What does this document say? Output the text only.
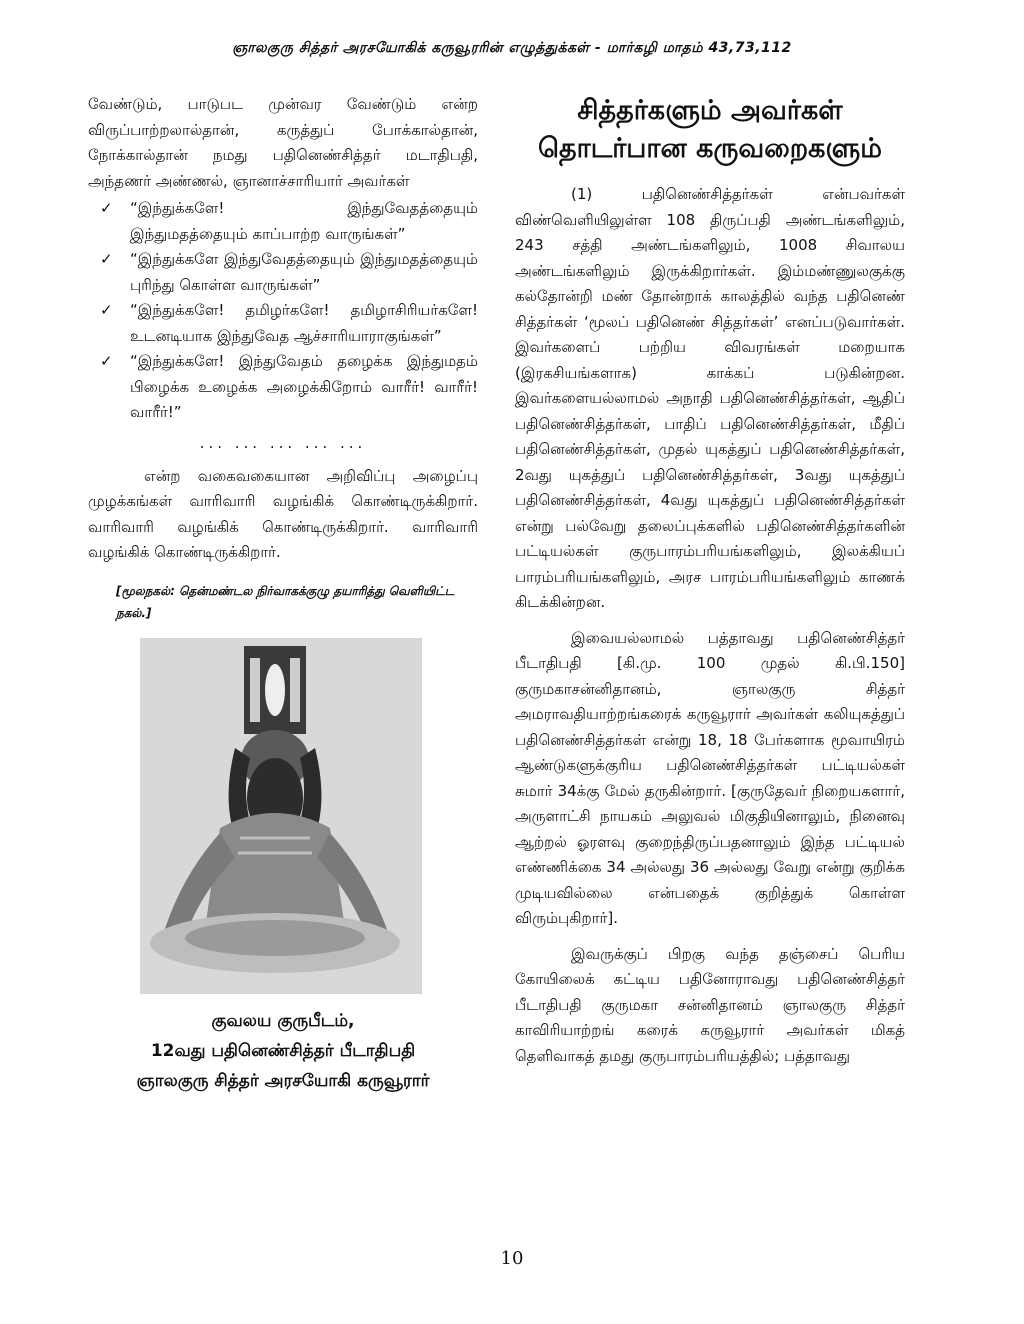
ஞாலகுரு சித்தர் அரசயோகிக் கருவூரரின் எழுத்துக்கள் - மார்கழி மாதம் 43,73,112

வேண்டும், பாடுபட முன்வர வேண்டும் என்ற விருப்பாற்றலால்தான், கருத்துப் போக்கால்தான், நோக்கால்தான் நமது பதினெண்சித்தர் மடாதிபதி, அந்தணர் அண்ணல், ஞானாச்சாரியார் அவர்கள்

✓	“இந்துக்களே! இந்துவேதத்தையும் இந்துமதத்தையும் காப்பாற்ற வாருங்கள்”
✓	“இந்துக்களே இந்துவேதத்தையும் இந்துமதத்தையும் புரிந்து கொள்ள வாருங்கள்”
✓	“இந்துக்களே! தமிழர்களே! தமிழாசிரியர்களே! உடனடியாக இந்துவேத ஆச்சாரியாராகுங்கள்”
✓	“இந்துக்களே! இந்துவேதம் தழைக்க இந்துமதம் பிழைக்க உழைக்க அழைக்கிறோம் வாரீர்! வாரீர்! வாரீர்!”
... ... ... ... ...

என்ற வகைவகையான அறிவிப்பு அழைப்பு முழக்கங்கள் வாரிவாரி வழங்கிக் கொண்டிருக்கிறார். வாரிவாரி வழங்கிக் கொண்டிருக்கிறார். வாரிவாரி வழங்கிக் கொண்டிருக்கிறார்.

[மூலநகல்: தென்மண்டல நிர்வாகக்குழு தயாரித்து வெளியிட்ட நகல்.]
குவலய குருபீடம்,
12வது பதினெண்சித்தர் பீடாதிபதி
ஞாலகுரு சித்தர் அரசயோகி கருவூரார்
சித்தர்களும் அவர்கள்
தொடர்பான கருவறைகளும்

(1) பதினெண்சித்தர்கள் என்பவர்கள் விண்வெளியிலுள்ள 108 திருப்பதி அண்டங்களிலும், 243 சத்தி அண்டங்களிலும், 1008 சிவாலய அண்டங்களிலும் இருக்கிறார்கள். இம்மண்ணுலகுக்கு கல்தோன்றி மண் தோன்றாக் காலத்தில் வந்த பதினெண் சித்தர்கள் ‘மூலப் பதினெண் சித்தர்கள்’ எனப்படுவார்கள். இவர்களைப் பற்றிய விவரங்கள் மறையாக (இரகசியங்களாக) காக்கப் படுகின்றன. இவர்களையல்லாமல் அநாதி பதினெண்சித்தர்கள், ஆதிப் பதினெண்சித்தர்கள், பாதிப் பதினெண்சித்தர்கள், மீதிப் பதினெண்சித்தர்கள், முதல் யுகத்துப் பதினெண்சித்தர்கள், 2வது யுகத்துப் பதினெண்சித்தர்கள், 3வது யுகத்துப் பதினெண்சித்தர்கள், 4வது யுகத்துப் பதினெண்சித்தர்கள் என்று பல்வேறு தலைப்புக்களில் பதினெண்சித்தர்களின் பட்டியல்கள் குருபாரம்பரியங்களிலும், இலக்கியப் பாரம்பரியங்களிலும், அரச பாரம்பரியங்களிலும் காணக் கிடக்கின்றன.

இவையல்லாமல் பத்தாவது பதினெண்சித்தர் பீடாதிபதி [கி.மு. 100 முதல் கி.பி.150] குருமகாசன்னிதானம், ஞாலகுரு சித்தர் அமராவதியாற்றங்கரைக் கருவூரார் அவர்கள் கலியுகத்துப் பதினெண்சித்தர்கள் என்று 18, 18 பேர்களாக மூவாயிரம் ஆண்டுகளுக்குரிய பதினெண்சித்தர்கள் பட்டியல்கள் சுமார் 34க்கு மேல் தருகின்றார். [குருதேவர் நிறையகளார், அருளாட்சி நாயகம் அலுவல் மிகுதியினாலும், நினைவு ஆற்றல் ஓரளவு குறைந்திருப்பதனாலும் இந்த பட்டியல் எண்ணிக்கை 34 அல்லது 36 அல்லது வேறு என்று குறிக்க முடியவில்லை என்பதைக் குறித்துக் கொள்ள விரும்புகிறார்].

இவருக்குப் பிறகு வந்த தஞ்சைப் பெரிய கோயிலைக் கட்டிய பதினோராவது பதினெண்சித்தர் பீடாதிபதி குருமகா சன்னிதானம் ஞாலகுரு சித்தர் காவிரியாற்றங் கரைக் கருவூரார் அவர்கள் மிகத் தெளிவாகத் தமது குருபாரம்பரியத்தில்; பத்தாவது

10
